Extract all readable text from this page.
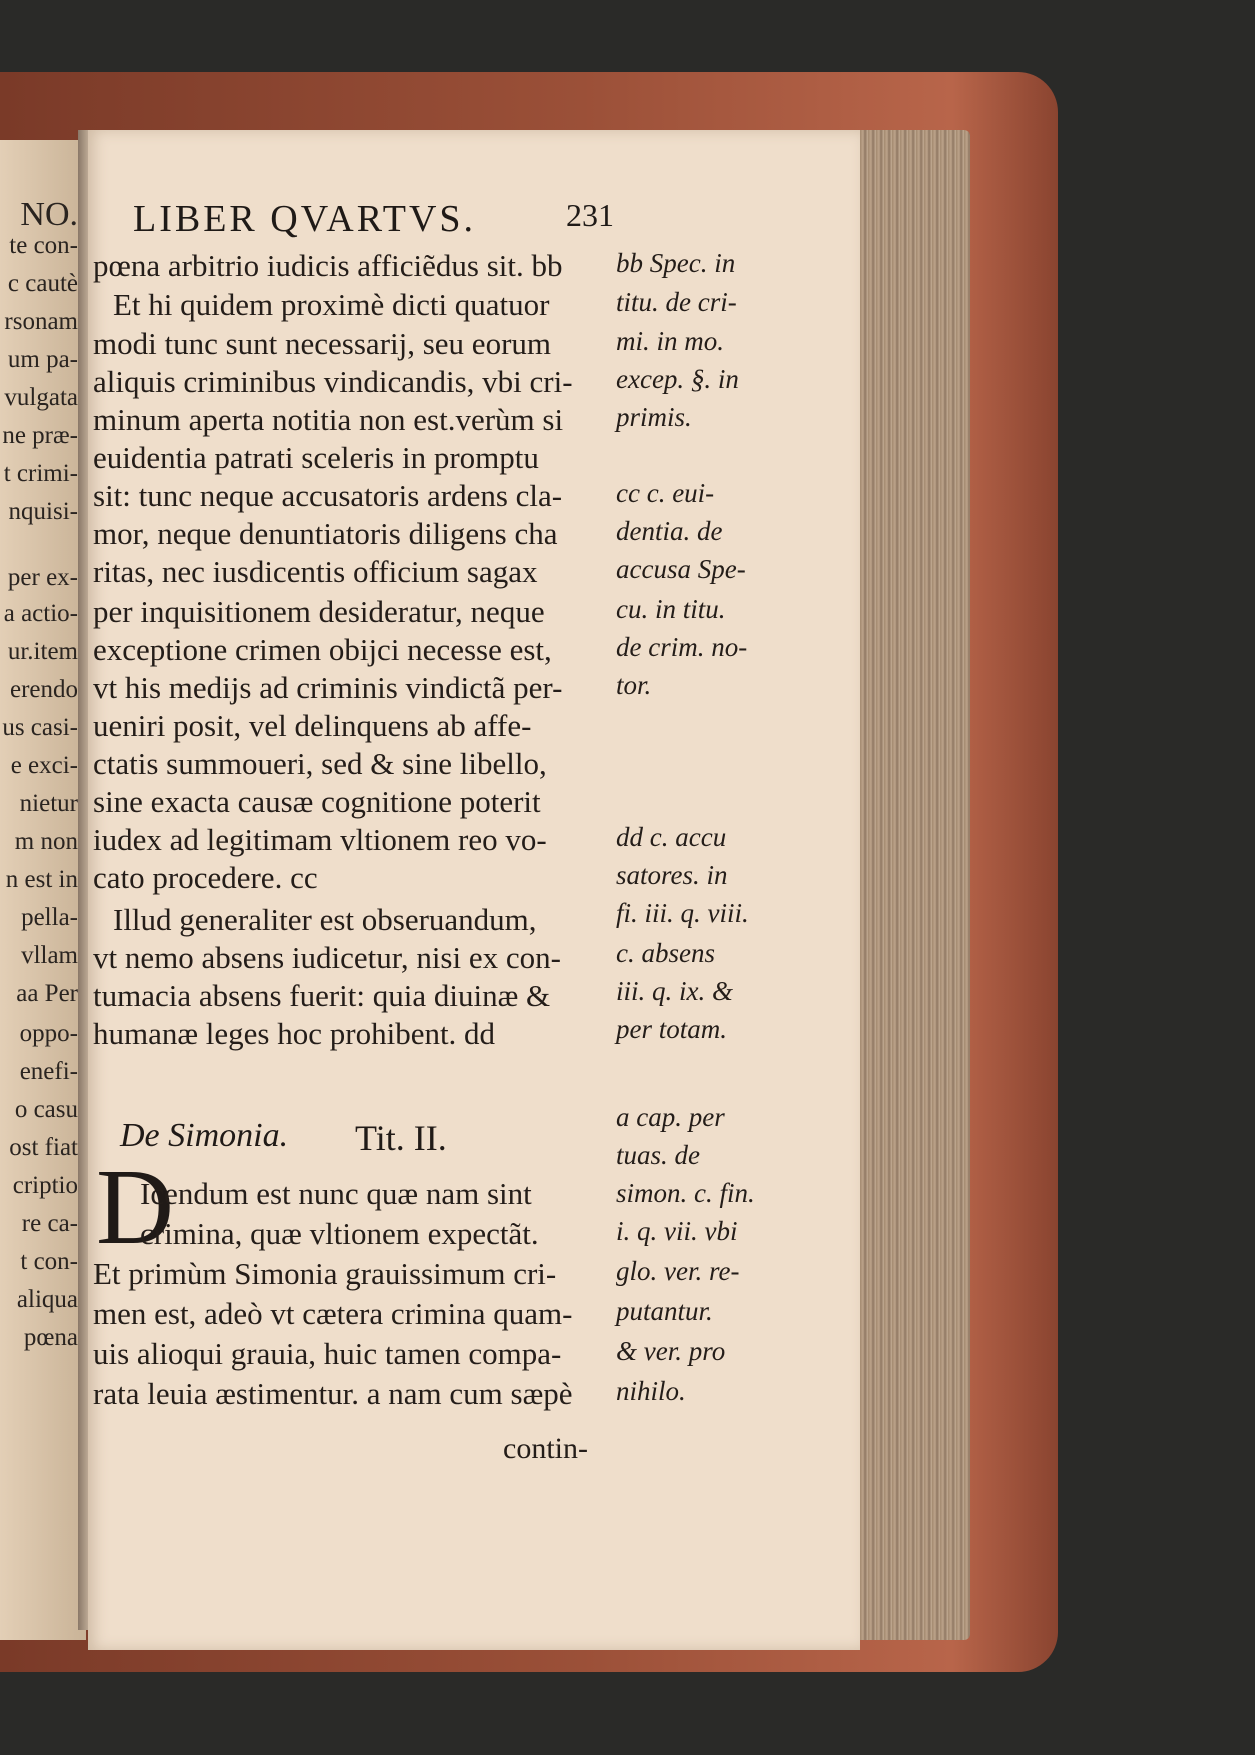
NO.
te con-
c cautè
rsonam
um pa-
vulgata
ne præ-
t crimi-
nquisi-
per ex-
a actio-
ur.item
erendo
us casi-
e exci-
nietur
m non
n est in
pella-
vllam
aa Per
oppo-
enefi-
o casu
ost fiat
criptio
re ca-
t con-
aliqua
pœna
LIBER QVARTVS.	231
pœna arbitrio iudicis afficiẽdus sit. bb
Et hi quidem proximè dicti quatuor
modi tunc sunt necessarij, seu eorum
aliquis criminibus vindicandis, vbi cri-
minum aperta notitia non est.verùm si
euidentia patrati sceleris in promptu
sit: tunc neque accusatoris ardens cla-
mor, neque denuntiatoris diligens cha
ritas, nec iusdicentis officium sagax
per inquisitionem desideratur, neque
exceptione crimen obijci necesse est,
vt his medijs ad criminis vindictã per-
ueniri posit, vel delinquens ab affe-
ctatis summoueri, sed & sine libello,
sine exacta causæ cognitione poterit
iudex ad legitimam vltionem reo vo-
cato procedere. cc
Illud generaliter est obseruandum,
vt nemo absens iudicetur, nisi ex con-
tumacia absens fuerit: quia diuinæ &
humanæ leges hoc prohibent. dd
De Simonia. Tit. II.
D
Icendum est nunc quæ nam sint
crimina, quæ vltionem expectãt.
Et primùm Simonia grauissimum cri-
men est, adeò vt cætera crimina quam-
uis alioqui grauia, huic tamen compa-
rata leuia æstimentur. a nam cum sæpè
bb Spec. in
titu. de cri-
mi. in mo.
excep. §. in
primis.
cc c. eui-
dentia. de
accusa Spe-
cu. in titu.
de crim. no-
tor.
dd c. accu
satores. in
fi. iii. q. viii.
c. absens
iii. q. ix. &
per totam.
a cap. per
tuas. de
simon. c. fin.
i. q. vii. vbi
glo. ver. re-
putantur.
& ver. pro
nihilo.
contin-
